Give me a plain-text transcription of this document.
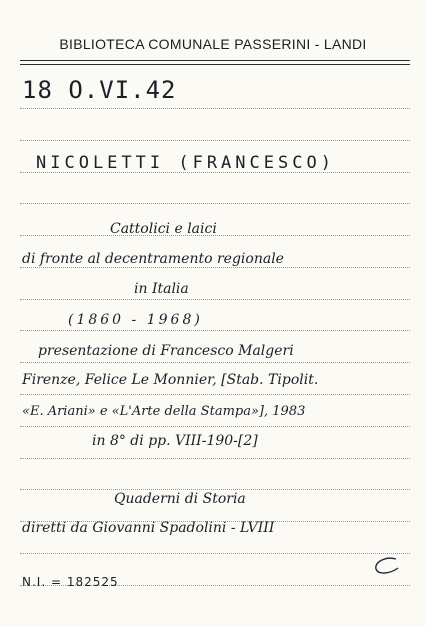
BIBLIOTECA COMUNALE PASSERINI - LANDI
18 O.VI.42
NICOLETTI (FRANCESCO)
Cattolici e laici
di fronte al decentramento regionale
in Italia
(1860 - 1968)
presentazione di Francesco Malgeri
Firenze, Felice Le Monnier, [Stab. Tipolit.
«E. Ariani» e «L'Arte della Stampa»], 1983
in 8° di pp. VIII-190-[2]
Quaderni di Storia
diretti da Giovanni Spadolini - LVIII
N.I. = 182525
